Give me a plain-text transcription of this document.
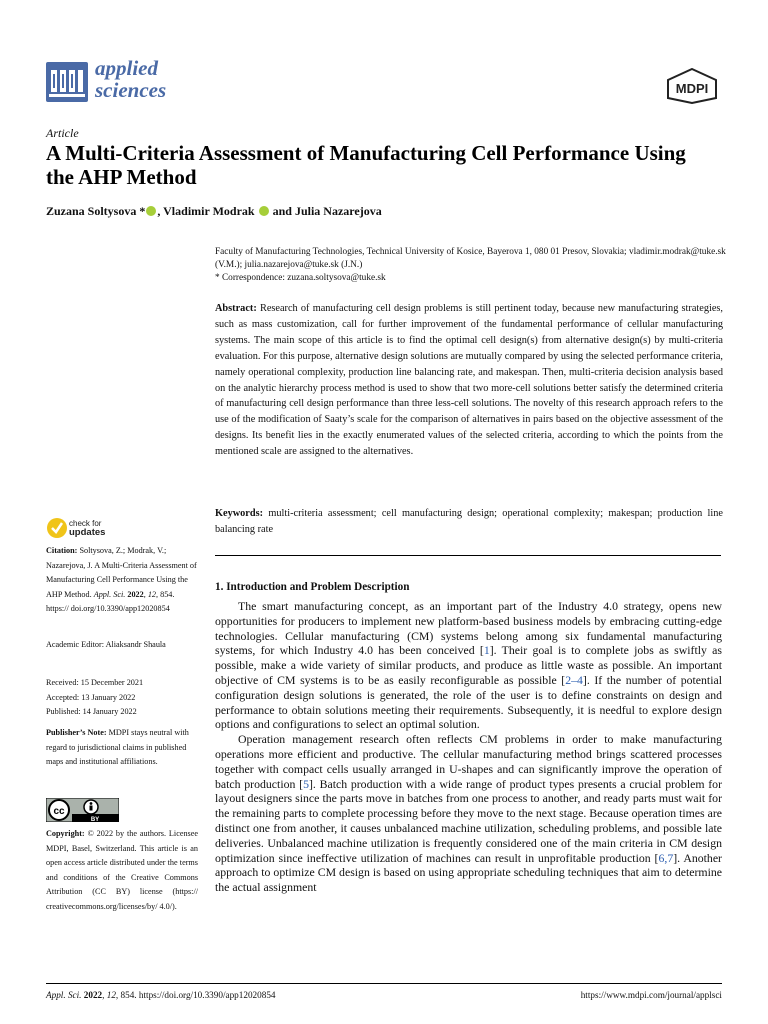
applied
sciences	MDPI
Article
A Multi-Criteria Assessment of Manufacturing Cell Performance Using the AHP Method
Zuzana Soltysova * , Vladimir Modrak  and Julia Nazarejova
Faculty of Manufacturing Technologies, Technical University of Kosice, Bayerova 1, 080 01 Presov, Slovakia; vladimir.modrak@tuke.sk (V.M.); julia.nazarejova@tuke.sk (J.N.)
* Correspondence: zuzana.soltysova@tuke.sk
Abstract: Research of manufacturing cell design problems is still pertinent today, because new manufacturing strategies, such as mass customization, call for further improvement of the fundamental performance of cellular manufacturing systems. The main scope of this article is to find the optimal cell design(s) from alternative design(s) by multi-criteria evaluation. For this purpose, alternative design solutions are mutually compared by using the selected performance criteria, namely operational complexity, production line balancing rate, and makespan. Then, multi-criteria decision analysis based on the analytic hierarchy process method is used to show that two more-cell solutions better satisfy the determined criteria of manufacturing cell design performance than three less-cell solutions. The novelty of this research approach refers to the use of the modification of Saaty’s scale for the comparison of alternatives in pairs based on the objective assessment of the designs. Its benefit lies in the exactly enumerated values of the selected criteria, according to which the points from the mentioned scale are assigned to the alternatives.
Keywords: multi-criteria assessment; cell manufacturing design; operational complexity; makespan; production line balancing rate
1. Introduction and Problem Description

The smart manufacturing concept, as an important part of the Industry 4.0 strategy, opens new opportunities for producers to implement new platform-based business models by embracing cutting-edge technologies. Cellular manufacturing (CM) systems belong among six fundamental manufacturing systems, for which Industry 4.0 has been conceived [1]. Their goal is to complete jobs as swiftly as possible, make a wide variety of similar products, and produce as little waste as possible. An important objective of CM systems is to be as easily reconfigurable as possible [2–4]. If the number of potential configuration design solutions is generated, the role of the user is to define constraints on design and performance to obtain solutions meeting their requirements. Subsequently, it is needful to explore design options and configurations to select an optimal solution.

Operation management research often reflects CM problems in order to make manufacturing operations more efficient and productive. The cellular manufacturing method brings scattered processes together with compact cells usually arranged in U-shapes and can significantly improve the operation of batch production [5]. Batch production with a wide range of product types presents a crucial problem for layout designers since the parts move in batches from one process to another, and ready parts must wait for the remaining parts to complete processing before they move to the next stage. Because operation times are distinct one from another, it causes unbalanced machine utilization, scheduling problems, and possible late deliveries. Unbalanced machine utilization is frequently considered one of the main criteria in CM design optimization since ineffective utilization of machines can result in unprofitable production [6,7]. Another approach to optimize CM design is based on using appropriate scheduling techniques that aim to determine the actual assignment

check for
updates
Citation: Soltysova, Z.; Modrak, V.; Nazarejova, J. A Multi-Criteria Assessment of Manufacturing Cell Performance Using the AHP Method. Appl. Sci. 2022, 12, 854. https:// doi.org/10.3390/app12020854
Academic Editor: Aliaksandr Shaula
Received: 15 December 2021
Accepted: 13 January 2022
Published: 14 January 2022
Publisher’s Note: MDPI stays neutral with regard to jurisdictional claims in published maps and institutional affiliations.
cc
BY
Copyright: © 2022 by the authors. Licensee MDPI, Basel, Switzerland. This article is an open access article distributed under the terms and conditions of the Creative Commons Attribution (CC BY) license (https:// creativecommons.org/licenses/by/ 4.0/).
Appl. Sci. 2022, 12, 854. https://doi.org/10.3390/app12020854	https://www.mdpi.com/journal/applsci
